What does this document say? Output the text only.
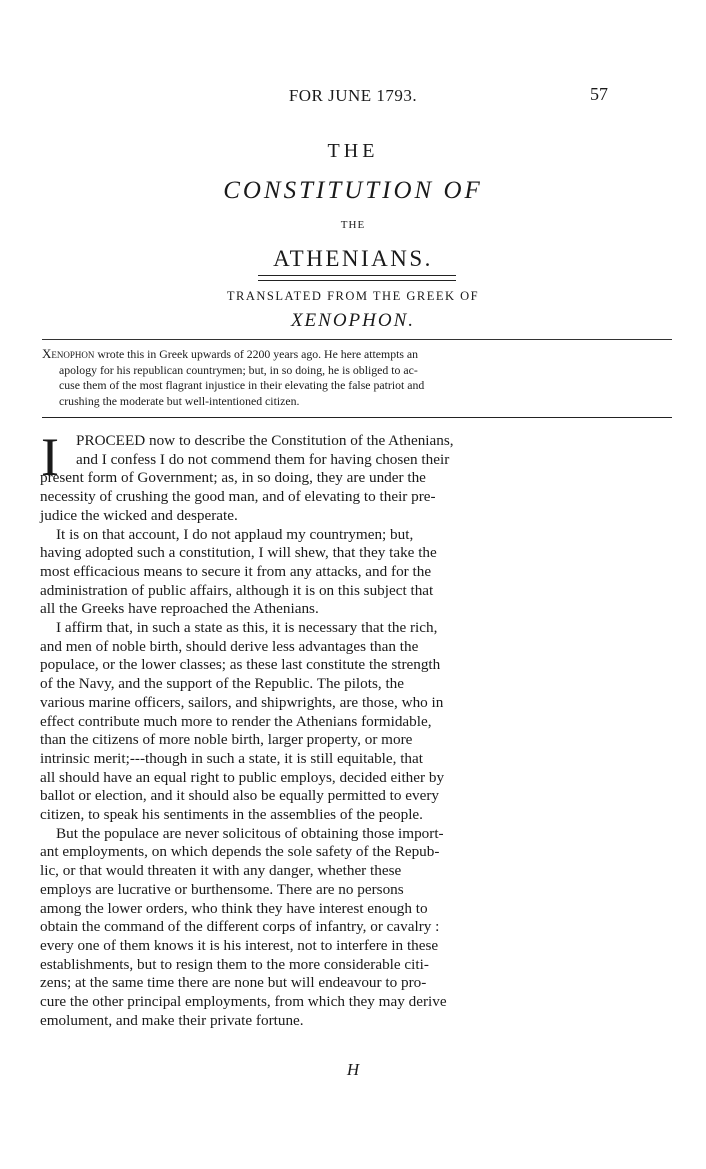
FOR JUNE 1793.	57
THE
CONSTITUTION OF
THE
ATHENIANS.
TRANSLATED FROM THE GREEK OF
XENOPHON.
Xenophon wrote this in Greek upwards of 2200 years ago. He here attempts an
apology for his republican countrymen; but, in so doing, he is obliged to ac-
cuse them of the most flagrant injustice in their elevating the false patriot and
crushing the moderate but well-intentioned citizen.
I	PROCEED now to describe the Constitution of the Athenians,
and I confess I do not commend them for having chosen their
present form of Government; as, in so doing, they are under the
necessity of crushing the good man, and of elevating to their pre-
judice the wicked and desperate.
It is on that account, I do not applaud my countrymen; but,
having adopted such a constitution, I will shew, that they take the
most efficacious means to secure it from any attacks, and for the
administration of public affairs, although it is on this subject that
all the Greeks have reproached the Athenians.
I affirm that, in such a state as this, it is necessary that the rich,
and men of noble birth, should derive less advantages than the
populace, or the lower classes; as these last constitute the strength
of the Navy, and the support of the Republic. The pilots, the
various marine officers, sailors, and shipwrights, are those, who in
effect contribute much more to render the Athenians formidable,
than the citizens of more noble birth, larger property, or more
intrinsic merit;---though in such a state, it is still equitable, that
all should have an equal right to public employs, decided either by
ballot or election, and it should also be equally permitted to every
citizen, to speak his sentiments in the assemblies of the people.
But the populace are never solicitous of obtaining those import-
ant employments, on which depends the sole safety of the Repub-
lic, or that would threaten it with any danger, whether these
employs are lucrative or burthensome. There are no persons
among the lower orders, who think they have interest enough to
obtain the command of the different corps of infantry, or cavalry :
every one of them knows it is his interest, not to interfere in these
establishments, but to resign them to the more considerable citi-
zens; at the same time there are none but will endeavour to pro-
cure the other principal employments, from which they may derive
emolument, and make their private fortune.
H
